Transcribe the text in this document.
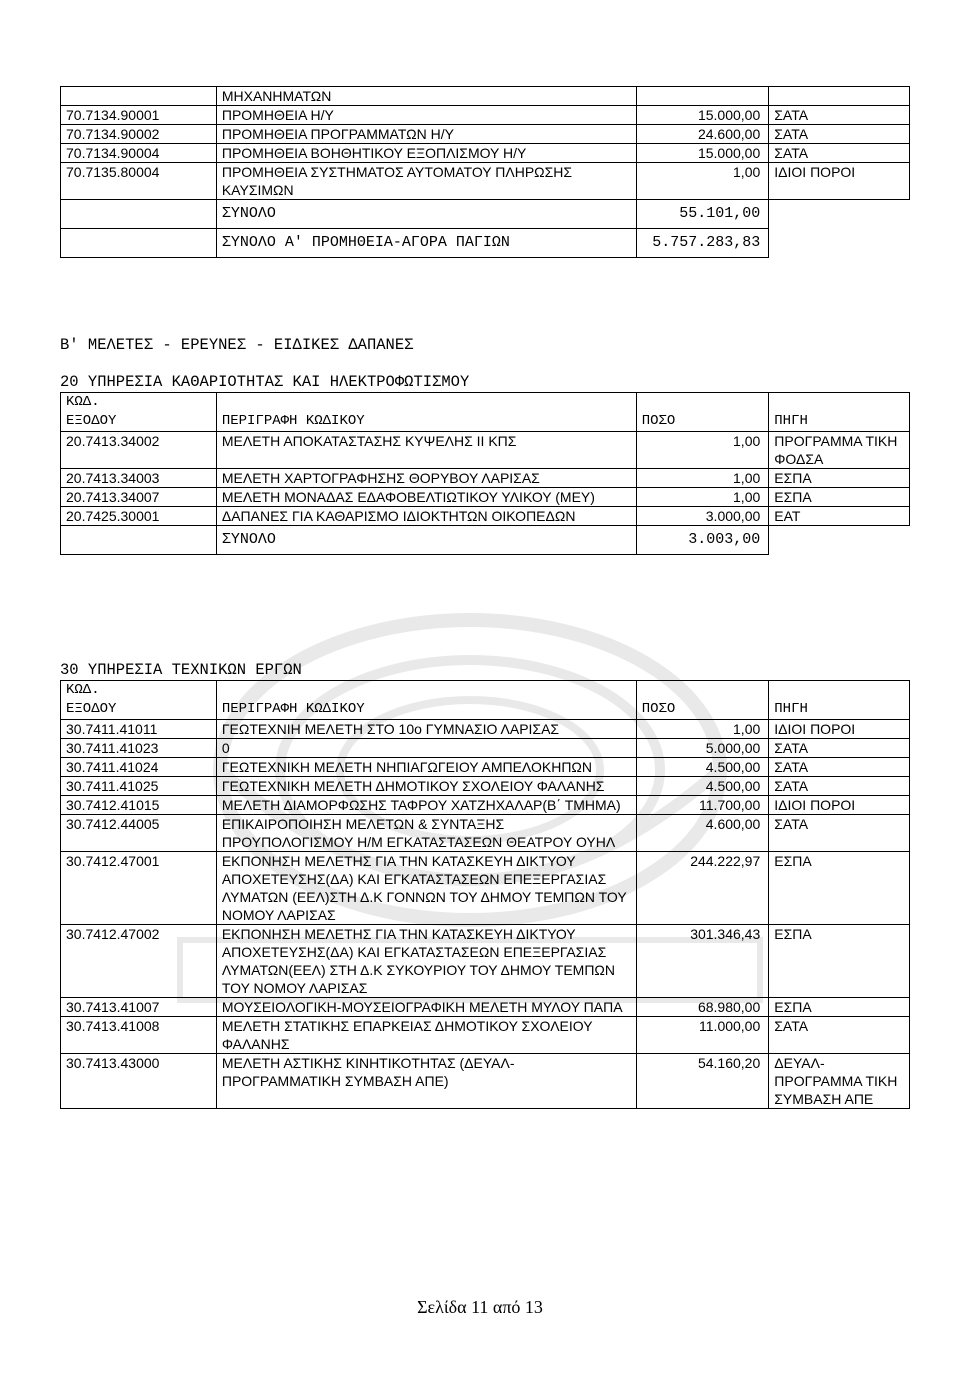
	ΜΗΧΑΝΗΜΑΤΩΝ		
70.7134.90001	ΠΡΟΜΗΘΕΙΑ Η/Υ	15.000,00	ΣΑΤΑ
70.7134.90002	ΠΡΟΜΗΘΕΙΑ ΠΡΟΓΡΑΜΜΑΤΩΝ Η/Υ	24.600,00	ΣΑΤΑ
70.7134.90004	ΠΡΟΜΗΘΕΙΑ ΒΟΗΘΗΤΙΚΟΥ ΕΞΟΠΛΙΣΜΟΥ Η/Υ	15.000,00	ΣΑΤΑ
70.7135.80004	ΠΡΟΜΗΘΕΙΑ ΣΥΣΤΗΜΑΤΟΣ ΑΥΤΟΜΑΤΟΥ ΠΛΗΡΩΣΗΣ ΚΑΥΣΙΜΩΝ	1,00	ΙΔΙΟΙ ΠΟΡΟΙ
	ΣΥΝΟΛΟ	55.101,00	
	ΣΥΝΟΛΟ Α' ΠΡΟΜΗΘΕΙΑ-ΑΓΟΡΑ ΠΑΓΙΩΝ	5.757.283,83	

Β' ΜΕΛΕΤΕΣ - ΕΡΕΥΝΕΣ - ΕΙΔΙΚΕΣ ΔΑΠΑΝΕΣ

20 ΥΠΗΡΕΣΙΑ ΚΑΘΑΡΙΟΤΗΤΑΣ ΚΑΙ ΗΛΕΚΤΡΟΦΩΤΙΣΜΟΥ

ΚΩΔ.
ΕΞΟΔΟΥ	ΠΕΡΙΓΡΑΦΗ ΚΩΔΙΚΟΥ	ΠΟΣΟ	ΠΗΓΗ
20.7413.34002	ΜΕΛΕΤΗ ΑΠΟΚΑΤΑΣΤΑΣΗΣ ΚΥΨΕΛΗΣ ΙΙ ΚΠΣ	1,00	ΠΡΟΓΡΑΜΜΑ ΤΙΚΗ ΦΟΔΣΑ
20.7413.34003	ΜΕΛΕΤΗ ΧΑΡΤΟΓΡΑΦΗΣΗΣ ΘΟΡΥΒΟΥ ΛΑΡΙΣΑΣ	1,00	ΕΣΠΑ
20.7413.34007	ΜΕΛΕΤΗ ΜΟΝΑΔΑΣ ΕΔΑΦΟΒΕΛΤΙΩΤΙΚΟΥ ΥΛΙΚΟΥ (ΜΕΥ)	1,00	ΕΣΠΑ
20.7425.30001	ΔΑΠΑΝΕΣ ΓΙΑ ΚΑΘΑΡΙΣΜΟ ΙΔΙΟΚΤΗΤΩΝ ΟΙΚΟΠΕΔΩΝ	3.000,00	ΕΑΤ
	ΣΥΝΟΛΟ	3.003,00	

30 ΥΠΗΡΕΣΙΑ ΤΕΧΝΙΚΩΝ ΕΡΓΩΝ

ΚΩΔ.
ΕΞΟΔΟΥ	ΠΕΡΙΓΡΑΦΗ ΚΩΔΙΚΟΥ	ΠΟΣΟ	ΠΗΓΗ
30.7411.41011	ΓΕΩΤΕΧΝΙΗ ΜΕΛΕΤΗ ΣΤΟ 10ο ΓΥΜΝΑΣΙΟ ΛΑΡΙΣΑΣ	1,00	ΙΔΙΟΙ ΠΟΡΟΙ
30.7411.41023	0	5.000,00	ΣΑΤΑ
30.7411.41024	ΓΕΩΤΕΧΝΙΚΗ ΜΕΛΕΤΗ ΝΗΠΙΑΓΩΓΕΙΟΥ ΑΜΠΕΛΟΚΗΠΩΝ	4.500,00	ΣΑΤΑ
30.7411.41025	ΓΕΩΤΕΧΝΙΚΗ ΜΕΛΕΤΗ ΔΗΜΟΤΙΚΟΥ ΣΧΟΛΕΙΟΥ ΦΑΛΑΝΗΣ	4.500,00	ΣΑΤΑ
30.7412.41015	ΜΕΛΕΤΗ ΔΙΑΜΟΡΦΩΣΗΣ ΤΑΦΡΟΥ ΧΑΤΖΗΧΑΛΑΡ(Β΄ ΤΜΗΜΑ)	11.700,00	ΙΔΙΟΙ ΠΟΡΟΙ
30.7412.44005	ΕΠΙΚΑΙΡΟΠΟΙΗΣΗ ΜΕΛΕΤΩΝ & ΣΥΝΤΑΞΗΣ ΠΡΟΥΠΟΛΟΓΙΣΜΟΥ Η/Μ ΕΓΚΑΤΑΣΤΑΣΕΩΝ ΘΕΑΤΡΟΥ ΟΥΗΛ	4.600,00	ΣΑΤΑ
30.7412.47001	ΕΚΠΟΝΗΣΗ ΜΕΛΕΤΗΣ ΓΙΑ ΤΗΝ ΚΑΤΑΣΚΕΥΗ ΔΙΚΤΥΟΥ ΑΠΟΧΕΤΕΥΣΗΣ(ΔΑ) ΚΑΙ ΕΓΚΑΤΑΣΤΑΣΕΩΝ ΕΠΕΞΕΡΓΑΣΙΑΣ ΛΥΜΑΤΩΝ (ΕΕΛ)ΣΤΗ Δ.Κ ΓΟΝΝΩΝ ΤΟΥ ΔΗΜΟΥ ΤΕΜΠΩΝ ΤΟΥ ΝΟΜΟΥ ΛΑΡΙΣΑΣ	244.222,97	ΕΣΠΑ
30.7412.47002	ΕΚΠΟΝΗΣΗ ΜΕΛΕΤΗΣ ΓΙΑ ΤΗΝ ΚΑΤΑΣΚΕΥΗ ΔΙΚΤΥΟΥ ΑΠΟΧΕΤΕΥΣΗΣ(ΔΑ) ΚΑΙ ΕΓΚΑΤΑΣΤΑΣΕΩΝ ΕΠΕΞΕΡΓΑΣΙΑΣ ΛΥΜΑΤΩΝ(ΕΕΛ) ΣΤΗ Δ.Κ ΣΥΚΟΥΡΙΟΥ ΤΟΥ ΔΗΜΟΥ ΤΕΜΠΩΝ ΤΟΥ ΝΟΜΟΥ ΛΑΡΙΣΑΣ	301.346,43	ΕΣΠΑ
30.7413.41007	ΜΟΥΣΕΙΟΛΟΓΙΚΗ-ΜΟΥΣΕΙΟΓΡΑΦΙΚΗ ΜΕΛΕΤΗ ΜΥΛΟΥ ΠΑΠΑ	68.980,00	ΕΣΠΑ
30.7413.41008	ΜΕΛΕΤΗ ΣΤΑΤΙΚΗΣ ΕΠΑΡΚΕΙΑΣ ΔΗΜΟΤΙΚΟΥ ΣΧΟΛΕΙΟΥ ΦΑΛΑΝΗΣ	11.000,00	ΣΑΤΑ
30.7413.43000	ΜΕΛΕΤΗ ΑΣΤΙΚΗΣ ΚΙΝΗΤΙΚΟΤΗΤΑΣ (ΔΕΥΑΛ-ΠΡΟΓΡΑΜΜΑΤΙΚΗ ΣΥΜΒΑΣΗ ΑΠΕ)	54.160,20	ΔΕΥΑΛ-ΠΡΟΓΡΑΜΜΑ ΤΙΚΗ ΣΥΜΒΑΣΗ ΑΠΕ
Σελίδα 11 από 13
